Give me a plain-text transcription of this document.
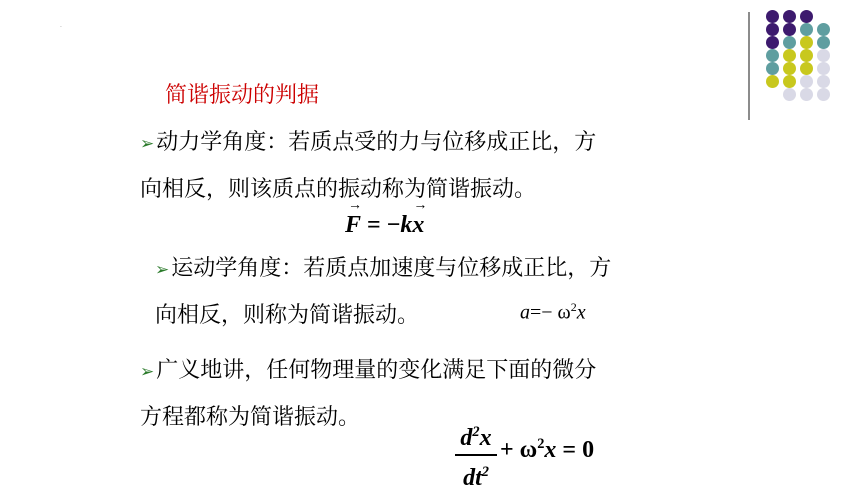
·
简谐振动的判据
➢动力学角度：若质点受的力与位移成正比，方
向相反，则该质点的振动称为简谐振动。
F
→
= −kx
→
➢运动学角度：若质点加速度与位移成正比，方
向相反，则称为简谐振动。	$a=- \omega^2x$
➢广义地讲，任何物理量的变化满足下面的微分
方程都称为简谐振动。
$d^2x$
$dt^2$
+ $\omega^2x = 0$
